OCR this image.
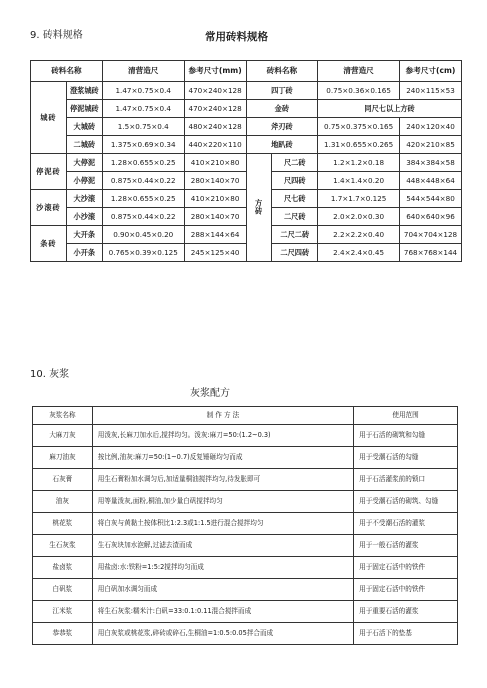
9. 砖料规格	常用砖料规格
砖料名称		清营造尺	参考尺寸(mm)	砖料名称		清营造尺	参考尺寸(cm)
城砖	澄浆城砖	1.47×0.75×0.4	470×240×128	四丁砖		0.75×0.36×0.165	240×115×53
	停泥城砖	1.47×0.75×0.4	470×240×128	金砖		同尺七以上方砖	
	大城砖	1.5×0.75×0.4	480×240×128	斧刃砖		0.75×0.375×0.165	240×120×40
	二城砖	1.375×0.69×0.34	440×220×110	地趴砖		1.31×0.655×0.265	420×210×85
停泥砖	大停泥	1.28×0.655×0.25	410×210×80	方砖	尺二砖	1.2×1.2×0.18	384×384×58
	小停泥	0.875×0.44×0.22	280×140×70		尺四砖	1.4×1.4×0.20	448×448×64
沙滚砖	大沙滚	1.28×0.655×0.25	410×210×80		尺七砖	1.7×1.7×0.125	544×544×80
	小沙滚	0.875×0.44×0.22	280×140×70		二尺砖	2.0×2.0×0.30	640×640×96
条砖	大开条	0.90×0.45×0.20	288×144×64		二尺二砖	2.2×2.2×0.40	704×704×128
	小开条	0.765×0.39×0.125	245×125×40		二尺四砖	2.4×2.4×0.45	768×768×144
10. 灰浆
灰浆配方
灰浆名称	制 作 方 法	使用范围
大麻刀灰	用泼灰,长麻刀加水后,搅拌均匀。泼灰:麻刀=50:(1.2~0.3)	用于石活的砌筑和勾缝
麻刀油灰	按比例,油灰:麻刀=50:(1~0.7)反复锤砸均匀而成	用于受潮石活的勾缝
石灰膏	用生石膏粉加水调匀后,加适量桐油搅拌均匀,待发胀即可	用于石活灌浆前的锁口
油灰	用等量泼灰,面粉,桐油,加少量白矾搅拌均匀	用于受潮石活的砌筑、勾缝
桃花浆	将白灰与黄黏土按体积比1:2.3或1:1.5进行混合搅拌均匀	用于不受潮石活的灌浆
生石灰浆	生石灰块加水泡解,过滤去渣而成	用于一般石活的灌浆
盐卤浆	用盐卤:水:铁粉=1:5:2搅拌均匀而成	用于固定石活中的铁件
白矾浆	用白矾加水调匀而成	用于固定石活中的铁件
江米浆	将生石灰浆:糯米汁:白矾=33:0.1:0.11混合搅拌而成	用于重要石活的灌浆
恭恭浆	用白灰浆或桃花浆,碎砖或碎石,生桐油=1:0.5:0.05拌合而成	用于石活下的垫基
